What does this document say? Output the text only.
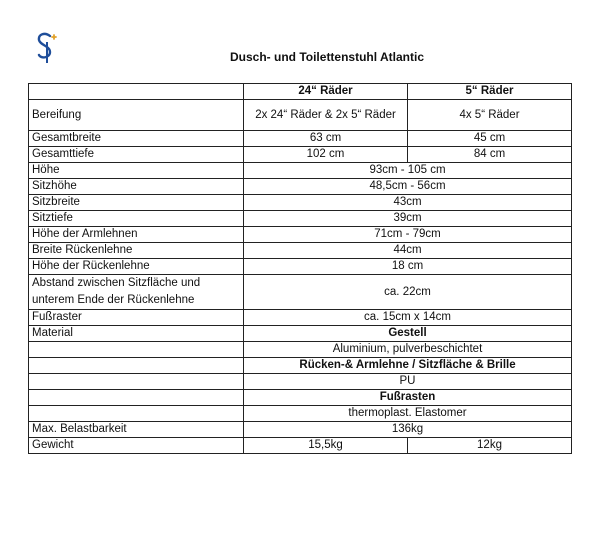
Dusch- und Toilettenstuhl Atlantic
	24“ Räder	5“ Räder
Bereifung	2x 24“ Räder & 2x 5“ Räder	4x 5“ Räder
Gesamtbreite	63 cm	45 cm
Gesamttiefe	102 cm	84 cm
Höhe	93cm - 105 cm	
Sitzhöhe	48,5cm - 56cm	
Sitzbreite	43cm	
Sitztiefe	39cm	
Höhe der Armlehnen	71cm - 79cm	
Breite Rückenlehne	44cm	
Höhe der Rückenlehne	18 cm	
Abstand zwischen Sitzfläche und
unterem Ende der Rückenlehne	ca. 22cm	
Fußraster	ca. 15cm x 14cm	
Material	Gestell	
	Aluminium, pulverbeschichtet	
	Rücken-& Armlehne / Sitzfläche & Brille	
	PU	
	Fußrasten	
	thermoplast. Elastomer	
Max. Belastbarkeit	136kg	
Gewicht	15,5kg	12kg
